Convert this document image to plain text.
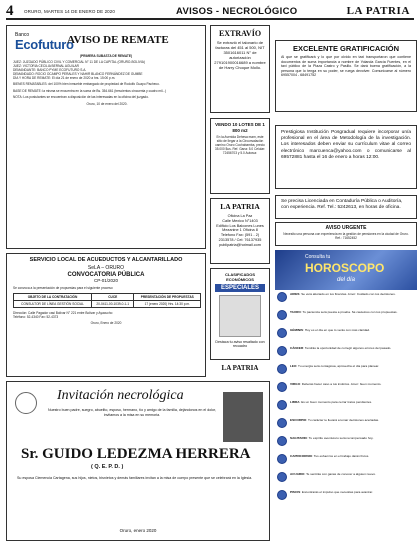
4 ORURO, MARTES 14 DE ENERO DE 2020	AVISOS - NECROLÓGICO	LA PATRIA
Banco
Ecofuturo
AVISO DE REMATE
(PRIMERA SUBASTA DE REMATE)

JUEZ: JUZGADO PÚBLICO CIVIL Y COMERCIAL N° 11 DE LA CAPITAL (ORURO-BOLIVIA)

JUEZ: VICTORIA CECILIA BERNAL AGUILAR

DEMANDANTE: BANCO PYME ECOFUTURO S.A.

DEMANDADO: ROCIO OCAMPO PERALES Y NAHIR BLANCO FERNÁNDEZ DE GUMBE

DÍA Y HORA DE REMATE: El día 21 de enero de 2020 a hrs. 15:00 p.m.

BIENES REMATABLES: del 100% bien inmueble embargado de propiedad de Rodolfo Guapo Pacheco.

BASE DE REMATE: la misma se encuentra en la suma de Bs. 354.661 (trescientos cincuenta y cuatro mil...)

NOTA: Los postulantes se encuentran a disposición de las interesadas en la oficina del juzgado.

Oruro, 10 de enero del 2020.

EXTRAVÍO

Se extravió el talonario de facturas del 451 al 500, NIT 3501616011 N° de autorización 279101900016689 a nombre de Harry Choque Mollo.

VENDO 10 LOTES DE 1 800 m2

En la Avenida Dehesa mam, este sitio de llegar a la Circunvalación camino Oruro Cochabamba, precio 35.000 $us. Ref. Gana: 5.0 Celular: 72456703 y 5.0 Autosur.

LA PATRIA

Oficina La Paz

Calle Mexico N°1403

Edificio Los Balcones Lunes

Mezanine 1 Oficina 8

Telefono Fax: (591 - 2)

2313578 / Cel: 76137935

publipatria@hotmail.com

CLASIFICADOS ECONÓMICOS
ESPECIALES

Destaca tu aviso resaltado con recuadro

LA PATRIA
EXCELENTE GRATIFICACIÓN

Al que se gratificará y lo que por olvido en taxi transportaron que contiene documentos de suma importancia a nombre de Yolanda García Fuentes, en el taxi público de la Plaza Castro y Pasillo. Se dará buena gratificación, a la persona que lo tenga en su poder, se ruega devolver. Comunicarse al número 69557004 - 68491752

Prestigiosa Institución Posgradual requiere incorporar un/a profesional en el área de Metodología de la investigación. Los interesados deben enviar su currículum vitae al correo electrónico marcuenca@yahoo.com o comunicarse al 69572881 hasta el 16 de enero a horas 12:00.

Se precisa Licenciada en Contaduría Pública o Auditoría, con experiencia. Ref. Tel.: 5242613, en horas de oficina.

AVISO URGENTE

Necesito una persona con experiencia en la gestión de pensiones en la ciudad de Oruro. Ref.: 71652452

Consulta tu
HOROSCOPO
del día

ARIES: Se verá afectado en tus finanzas. Amor: Cuidado con tus decisiones.

TAURO: Tu paciencia será puesta a prueba. Sé cauteloso con tus propuestas.

GÉMINIS: Hoy es el día en que lo verás con más claridad.

CÁNCER: Tendrás la oportunidad de corregir algunos errores del pasado.

LEO: Tu energía será contagiosa, aprovecha el día para planear.

VIRGO: Deberás hacer caso a tus instintos. Amor: buen momento.

LIBRA: Es un buen momento para cerrar tratos pendientes.

ESCORPIO: Tu carácter te llevará a tomar decisiones acertadas.

SAGITARIO: Tu espíritu aventurero será recompensado hoy.

CAPRICORNIO: Tus esfuerzos en el trabajo darán frutos.

ACUARIO: Te sentirás con ganas de conocer a alguien nuevo.

PISCIS: Encontrarás el impulso que necesitas para avanzar.

SERVICIO LOCAL DE ACUEDUCTOS Y ALCANTARILLADO
SeLA – ORURO
CONVOCATORIA PÚBLICA
CP-01/2020

Se convoca a la presentación de propuestas para el siguiente proceso:

OBJETO DE LA CONTRATACIÓN	CUCE	PRESENTACIÓN DE PROPUESTAS
CONSULTOR DE LÍNEA GESTIÓN SOCIAL	20-0411-00-1039-0-1-1	17 (enero 2020) Hrs. 14:30 p.m.

Dirección: Calle Pagador casi Bolívar N° 221 entre Bolívar y Ayacucho

Teléfono: 52-4340 Fax: 52-4373

Oruro, Enero de 2020

Invitación necrológica

Nuestro buen padre, suegro, abuelito, esposo, hermano, tío y amigo de la familia, dejándonos en el dolor, invitamos a la misa en su memoria.

Sr. GUIDO LEDEZMA HERRERA
( Q. E. P. D. )

Su esposa Clemencia Cartagena, sus hijos, nietos, bisnietos y demás familiares invitan a la misa de cuerpo presente que se celebrará en la Iglesia.

Oruro, enero 2020
